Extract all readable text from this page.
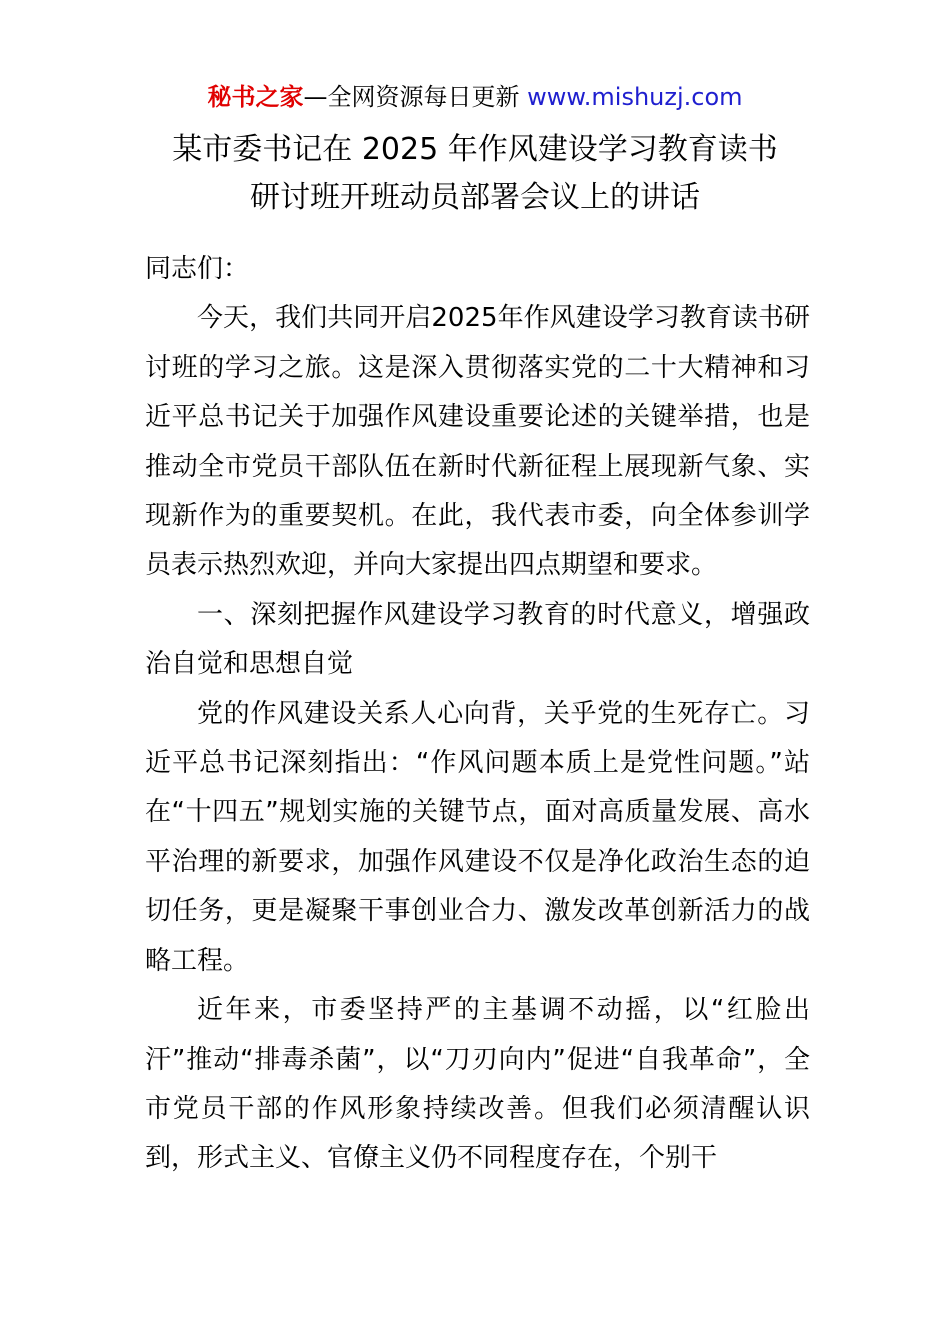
秘书之家—全网资源每日更新 www.mishuzj.com
某市委书记在 2025 年作风建设学习教育读书
研讨班开班动员部署会议上的讲话

同志们：

今天，我们共同开启2025年作风建设学习教育读书研讨班的学习之旅。这是深入贯彻落实党的二十大精神和习近平总书记关于加强作风建设重要论述的关键举措，也是推动全市党员干部队伍在新时代新征程上展现新气象、实现新作为的重要契机。在此，我代表市委，向全体参训学员表示热烈欢迎，并向大家提出四点期望和要求。

一、深刻把握作风建设学习教育的时代意义，增强政治自觉和思想自觉

党的作风建设关系人心向背，关乎党的生死存亡。习近平总书记深刻指出：“作风问题本质上是党性问题。”站在“十四五”规划实施的关键节点，面对高质量发展、高水平治理的新要求，加强作风建设不仅是净化政治生态的迫切任务，更是凝聚干事创业合力、激发改革创新活力的战略工程。

近年来，市委坚持严的主基调不动摇，以“红脸出汗”推动“排毒杀菌”，以“刀刃向内”促进“自我革命”，全市党员干部的作风形象持续改善。但我们必须清醒认识到，形式主义、官僚主义仍不同程度存在，个别干
